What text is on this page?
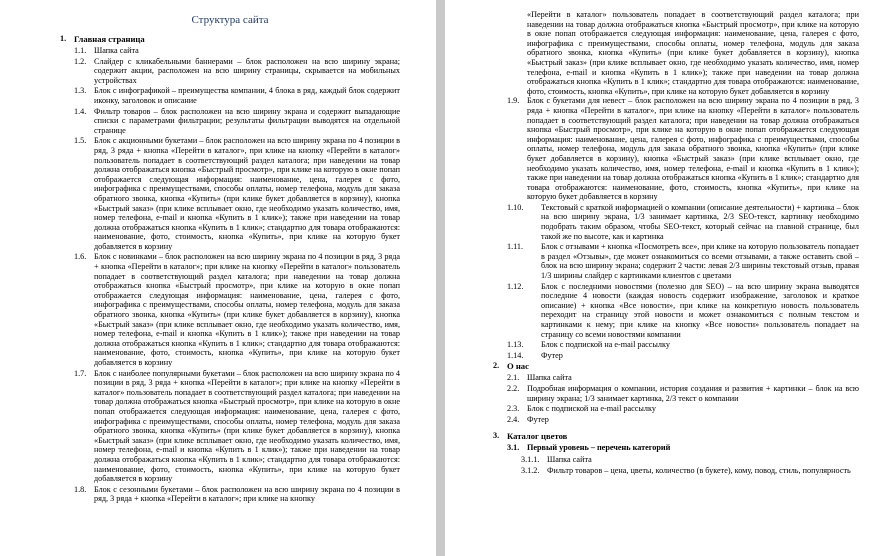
Структура сайта
1. Главная страница
1.1. Шапка сайта
1.2. Слайдер с кликабельными баннерами – блок расположен на всю ширину экрана; содержит акции, расположен на всю ширину страницы, скрывается на мобильных устройствах
1.3. Блок с инфографикой – преимущества компании, 4 блока в ряд, каждый блок содержит иконку, заголовок и описание
1.4. Фильтр товаров – блок расположен на всю ширину экрана и содержит выпадающие списки с параметрами фильтрации; результаты фильтрации выводятся на отдельной странице
1.5. Блок с акционными букетами – блок расположен на всю ширину экрана по 4 позиции в ряд, 3 ряда + кнопка «Перейти в каталог», при клике на кнопку «Перейти в каталог» пользователь попадает в соответствующий раздел каталога; при наведении на товар должна отображаться кнопка «Быстрый просмотр», при клике на которую в окне попап отображается следующая информация: наименование, цена, галерея с фото, инфографика с преимуществами, способы оплаты, номер телефона, модуль для заказа обратного звонка, кнопка «Купить» (при клике букет добавляется в корзину), кнопка «Быстрый заказ» (при клике всплывает окно, где необходимо указать количество, имя, номер телефона, e-mail и кнопка «Купить в 1 клик»); также при наведении на товар должна отображаться кнопка «Купить в 1 клик»; стандартно для товара отображаются: наименование, фото, стоимость, кнопка «Купить», при клике на которую букет добавляется в корзину
1.6. Блок с новинками – блок расположен на всю ширину экрана по 4 позиции в ряд, 3 ряда + кнопка «Перейти в каталог»; при клике на кнопку «Перейти в каталог» пользователь попадает в соответствующий раздел каталога; при наведении на товар должна отображаться кнопка «Быстрый просмотр», при клике на которую в окне попап отображается следующая информация: наименование, цена, галерея с фото, инфографика с преимуществами, способы оплаты, номер телефона, модуль для заказа обратного звонка, кнопка «Купить» (при клике букет добавляется в корзину), кнопка «Быстрый заказ» (при клике всплывает окно, где необходимо указать количество, имя, номер телефона, e-mail и кнопка «Купить в 1 клик»); также при наведении на товар должна отображаться кнопка «Купить в 1 клик»; стандартно для товара отображаются: наименование, фото, стоимость, кнопка «Купить», при клике на которую букет добавляется в корзину
1.7. Блок с наиболее популярными букетами – блок расположен на всю ширину экрана по 4 позиции в ряд, 3 ряда + кнопка «Перейти в каталог»; при клике на кнопку «Перейти в каталог» пользователь попадает в соответствующий раздел каталога; при наведении на товар должна отображаться кнопка «Быстрый просмотр», при клике на которую в окне попап отображается следующая информация: наименование, цена, галерея с фото, инфографика с преимуществами, способы оплаты, номер телефона, модуль для заказа обратного звонка, кнопка «Купить» (при клике букет добавляется в корзину), кнопка «Быстрый заказ» (при клике всплывает окно, где необходимо указать количество, имя, номер телефона, e-mail и кнопка «Купить в 1 клик»); также при наведении на товар должна отображаться кнопка «Купить в 1 клик»; стандартно для товара отображаются: наименование, фото, стоимость, кнопка «Купить», при клике на которую букет добавляется в корзину
1.8. Блок с сезонными букетами – блок расположен на всю ширину экрана по 4 позиции в ряд, 3 ряда + кнопка «Перейти в каталог»; при клике на кнопку

«Перейти в каталог» пользователь попадает в соответствующий раздел каталога; при наведении на товар должна отображаться кнопка «Быстрый просмотр», при клике на которую в окне попап отображается следующая информация: наименование, цена, галерея с фото, инфографика с преимуществами, способы оплаты, номер телефона, модуль для заказа обратного звонка, кнопка «Купить» (при клике букет добавляется в корзину), кнопка «Быстрый заказ» (при клике всплывает окно, где необходимо указать количество, имя, номер телефона, e-mail и кнопка «Купить в 1 клик»); также при наведении на товар должна отображаться кнопка «Купить в 1 клик»; стандартно для товара отображаются: наименование, фото, стоимость, кнопка «Купить», при клике на которую букет добавляется в корзину

1.9. Блок с букетами для невест – блок расположен на всю ширину экрана по 4 позиции в ряд, 3 ряда + кнопка «Перейти в каталог», при клике на кнопку «Перейти в каталог» пользователь попадает в соответствующий раздел каталога; при наведении на товар должна отображаться кнопка «Быстрый просмотр», при клике на которую в окне попап отображается следующая информация: наименование, цена, галерея с фото, инфографика с преимуществами, способы оплаты, номер телефона, модуль для заказа обратного звонка, кнопка «Купить» (при клике букет добавляется в корзину), кнопка «Быстрый заказ» (при клике всплывает окно, где необходимо указать количество, имя, номер телефона, e-mail и кнопка «Купить в 1 клик»); также при наведении на товар должна отображаться кнопка «Купить в 1 клик»; стандартно для товара отображаются: наименование, фото, стоимость, кнопка «Купить», при клике на которую букет добавляется в корзину
1.10.	Текстовый с краткой информацией о компании (описание деятельности) + картинка – блок на всю ширину экрана, 1/3 занимает картинка, 2/3 SEO-текст, картинку необходимо подобрать таким образом, чтобы SEO-текст, который сейчас на главной странице, был такой же по высоте, как и картинка
1.11.	Блок с отзывами + кнопка «Посмотреть все», при клике на которую пользователь попадает в раздел «Отзывы», где может ознакомиться со всеми отзывами, а также оставить свой – блок на всю ширину экрана; содержит 2 части: левая 2/3 ширины текстовый отзыв, правая 1/3 ширины слайдер с картинками клиентов с цветами
1.12.	Блок с последними новостями (полезно для SEO) – на всю ширину экрана выводятся последние 4 новости (каждая новость содержит изображение, заголовок и краткое описание) + кнопка «Все новости», при клике на конкретную новость пользователь переходит на страницу этой новости и может ознакомиться с полным текстом и картинками к нему; при клике на кнопку «Все новости» пользователь попадает на страницу со всеми новостями компании
1.13.	Блок с подпиской на e-mail рассылку
1.14.	Футер
2. О нас
2.1. Шапка сайта
2.2. Подробная информация о компании, история создания и развития + картинки – блок на всю ширину экрана; 1/3 занимает картинка, 2/3 текст о компании
2.3. Блок с подпиской на e-mail рассылку
2.4. Футер
3. Каталог цветов
3.1. Первый уровень – перечень категорий
3.1.1. Шапка сайта
3.1.2. Фильтр товаров – цена, цветы, количество (в букете), кому, повод, стиль, популярность
